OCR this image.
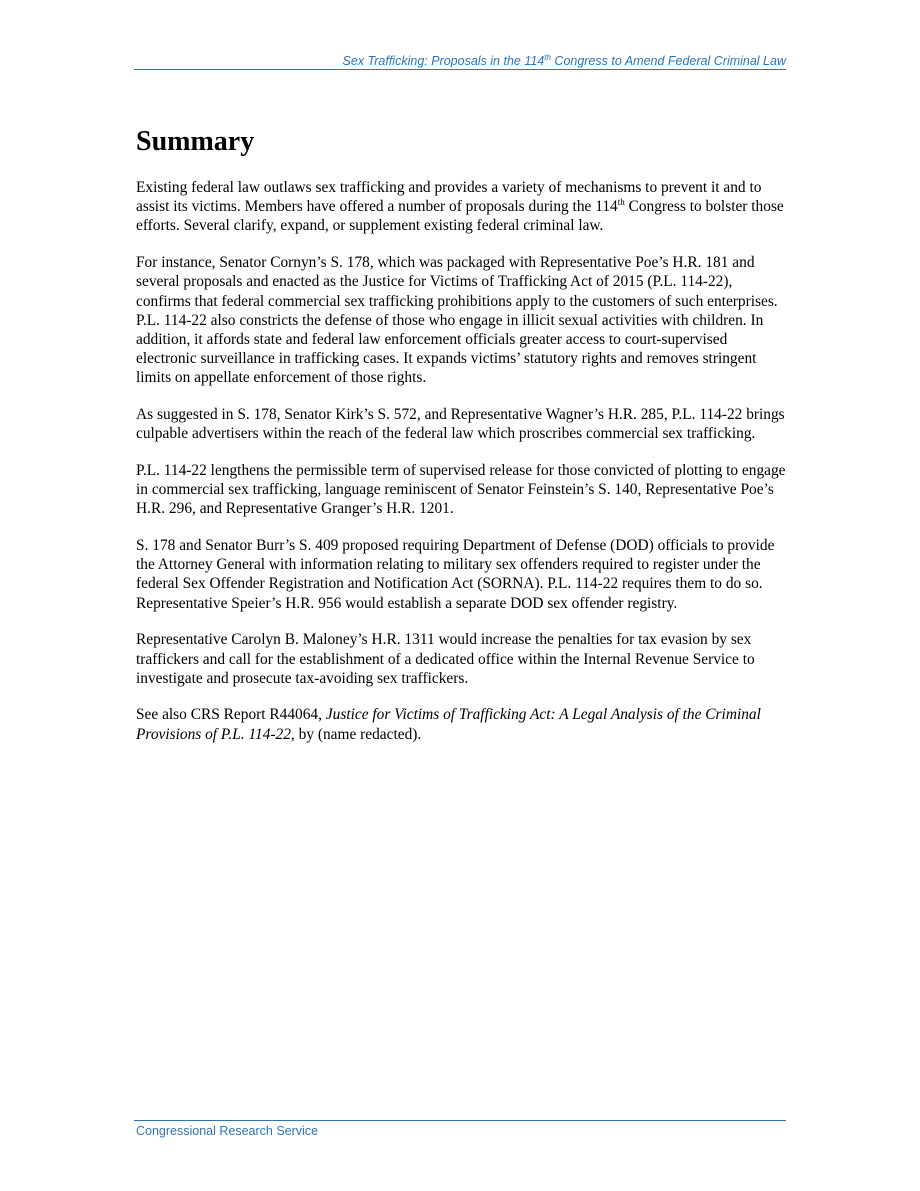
Sex Trafficking: Proposals in the 114th Congress to Amend Federal Criminal Law
Summary

Existing federal law outlaws sex trafficking and provides a variety of mechanisms to prevent it and to assist its victims. Members have offered a number of proposals during the 114th Congress to bolster those efforts. Several clarify, expand, or supplement existing federal criminal law.

For instance, Senator Cornyn’s S. 178, which was packaged with Representative Poe’s H.R. 181 and several proposals and enacted as the Justice for Victims of Trafficking Act of 2015 (P.L. 114-22), confirms that federal commercial sex trafficking prohibitions apply to the customers of such enterprises. P.L. 114-22 also constricts the defense of those who engage in illicit sexual activities with children. In addition, it affords state and federal law enforcement officials greater access to court-supervised electronic surveillance in trafficking cases. It expands victims’ statutory rights and removes stringent limits on appellate enforcement of those rights.

As suggested in S. 178, Senator Kirk’s S. 572, and Representative Wagner’s H.R. 285, P.L. 114-22 brings culpable advertisers within the reach of the federal law which proscribes commercial sex trafficking.

P.L. 114-22 lengthens the permissible term of supervised release for those convicted of plotting to engage in commercial sex trafficking, language reminiscent of Senator Feinstein’s S. 140, Representative Poe’s H.R. 296, and Representative Granger’s H.R. 1201.

S. 178 and Senator Burr’s S. 409 proposed requiring Department of Defense (DOD) officials to provide the Attorney General with information relating to military sex offenders required to register under the federal Sex Offender Registration and Notification Act (SORNA). P.L. 114-22 requires them to do so. Representative Speier’s H.R. 956 would establish a separate DOD sex offender registry.

Representative Carolyn B. Maloney’s H.R. 1311 would increase the penalties for tax evasion by sex traffickers and call for the establishment of a dedicated office within the Internal Revenue Service to investigate and prosecute tax-avoiding sex traffickers.

See also CRS Report R44064, Justice for Victims of Trafficking Act: A Legal Analysis of the Criminal Provisions of P.L. 114-22, by (name redacted).

Congressional Research Service
